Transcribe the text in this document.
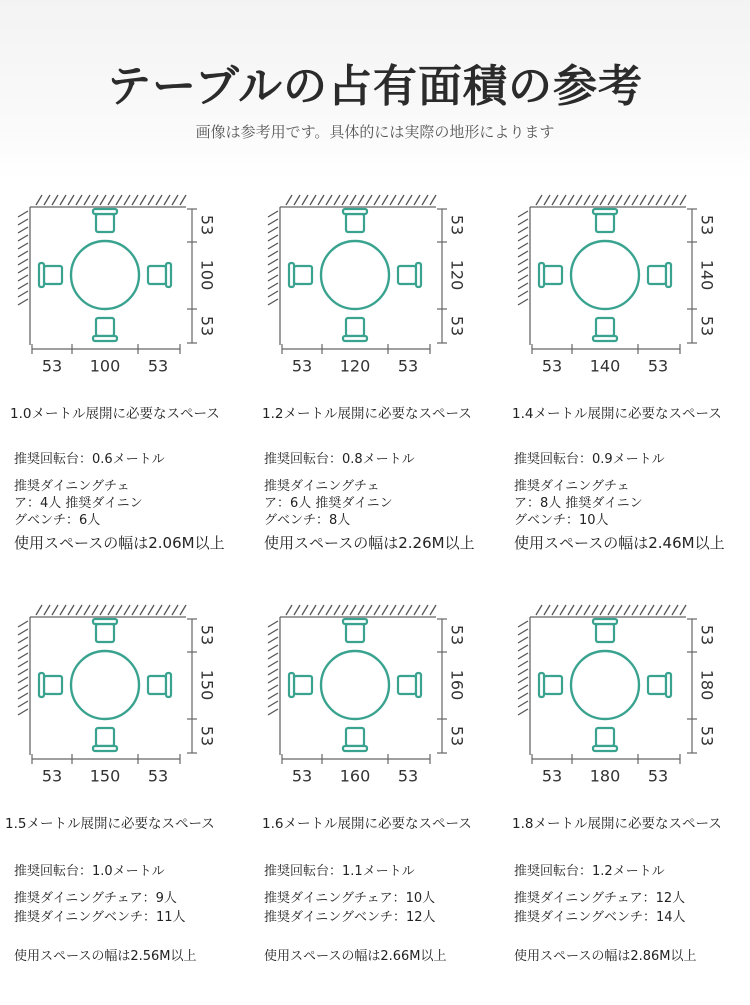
テーブルの占有面積の参考
画像は参考用です。具体的には実際の地形によります
53
100
53
53 100 53
1.0メートル展開に必要なスペース
推奨回転台：0.6メートル
推奨ダイニングチェア：4人 推奨ダイニングベンチ：6人
使用スペースの幅は2.06M以上
53
120
53
53 120 53
1.2メートル展開に必要なスペース
推奨回転台：0.8メートル
推奨ダイニングチェア：6人 推奨ダイニングベンチ：8人
使用スペースの幅は2.26M以上
53
140
53
53 140 53
1.4メートル展開に必要なスペース
推奨回転台：0.9メートル
推奨ダイニングチェア：8人 推奨ダイニングベンチ：10人
使用スペースの幅は2.46M以上
53
150
53
53 150 53
1.5メートル展開に必要なスペース
推奨回転台：1.0メートル
推奨ダイニングチェア：9人
推奨ダイニングベンチ：11人
使用スペースの幅は2.56M以上
53
160
53
53 160 53
1.6メートル展開に必要なスペース
推奨回転台：1.1メートル
推奨ダイニングチェア：10人
推奨ダイニングベンチ：12人
使用スペースの幅は2.66M以上
53
180
53
53 180 53
1.8メートル展開に必要なスペース
推奨回転台：1.2メートル
推奨ダイニングチェア：12人
推奨ダイニングベンチ：14人
使用スペースの幅は2.86M以上
